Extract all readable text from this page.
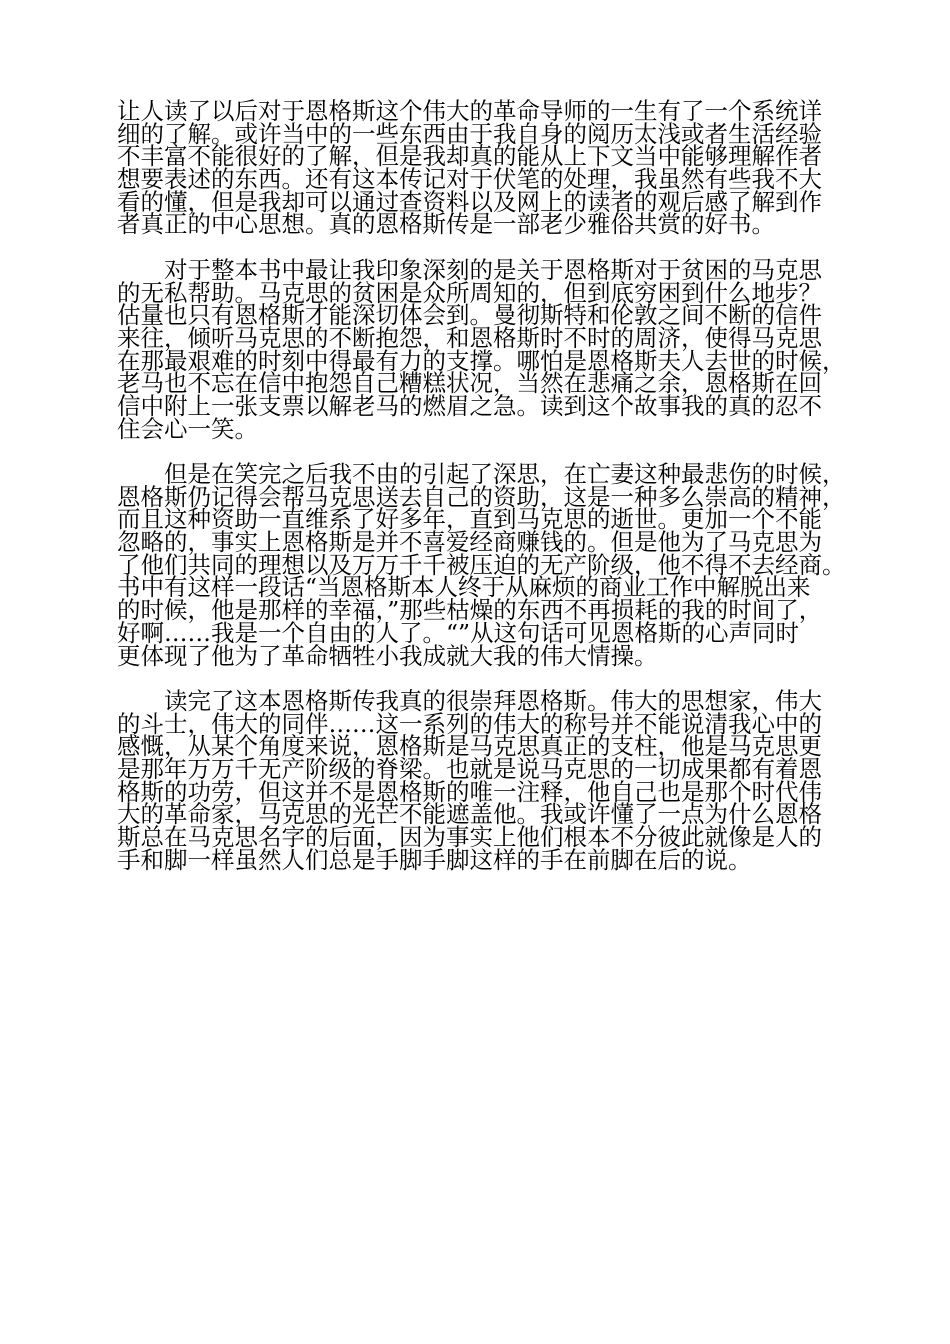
让人读了以后对于恩格斯这个伟大的革命导师的一生有了一个系统详
细的了解。或许当中的一些东西由于我自身的阅历太浅或者生活经验
不丰富不能很好的了解，但是我却真的能从上下文当中能够理解作者
想要表述的东西。还有这本传记对于伏笔的处理，我虽然有些我不大
看的懂，但是我却可以通过查资料以及网上的读者的观后感了解到作
者真正的中心思想。真的恩格斯传是一部老少雅俗共赏的好书。
　　对于整本书中最让我印象深刻的是关于恩格斯对于贫困的马克思
的无私帮助。马克思的贫困是众所周知的，但到底穷困到什么地步？
估量也只有恩格斯才能深切体会到。曼彻斯特和伦敦之间不断的信件
来往，倾听马克思的不断抱怨，和恩格斯时不时的周济，使得马克思
在那最艰难的时刻中得最有力的支撑。哪怕是恩格斯夫人去世的时候，
老马也不忘在信中抱怨自己糟糕状况，当然在悲痛之余，恩格斯在回
信中附上一张支票以解老马的燃眉之急。读到这个故事我的真的忍不
住会心一笑。
　　但是在笑完之后我不由的引起了深思，在亡妻这种最悲伤的时候，
恩格斯仍记得会帮马克思送去自己的资助，这是一种多么崇高的精神，
而且这种资助一直维系了好多年，直到马克思的逝世。更加一个不能
忽略的，事实上恩格斯是并不喜爱经商赚钱的。但是他为了马克思为
了他们共同的理想以及万万千千被压迫的无产阶级，他不得不去经商。
书中有这样一段话“当恩格斯本人终于从麻烦的商业工作中解脱出来
的时候，他是那样的幸福，”那些枯燥的东西不再损耗的我的时间了，
好啊……我是一个自由的人了。“”从这句话可见恩格斯的心声同时
更体现了他为了革命牺牲小我成就大我的伟大情操。
　　读完了这本恩格斯传我真的很崇拜恩格斯。伟大的思想家，伟大
的斗士，伟大的同伴……这一系列的伟大的称号并不能说清我心中的
感慨，从某个角度来说，恩格斯是马克思真正的支柱，他是马克思更
是那年万万千无产阶级的脊梁。也就是说马克思的一切成果都有着恩
格斯的功劳，但这并不是恩格斯的唯一注释，他自己也是那个时代伟
大的革命家，马克思的光芒不能遮盖他。我或许懂了一点为什么恩格
斯总在马克思名字的后面，因为事实上他们根本不分彼此就像是人的
手和脚一样虽然人们总是手脚手脚这样的手在前脚在后的说。
